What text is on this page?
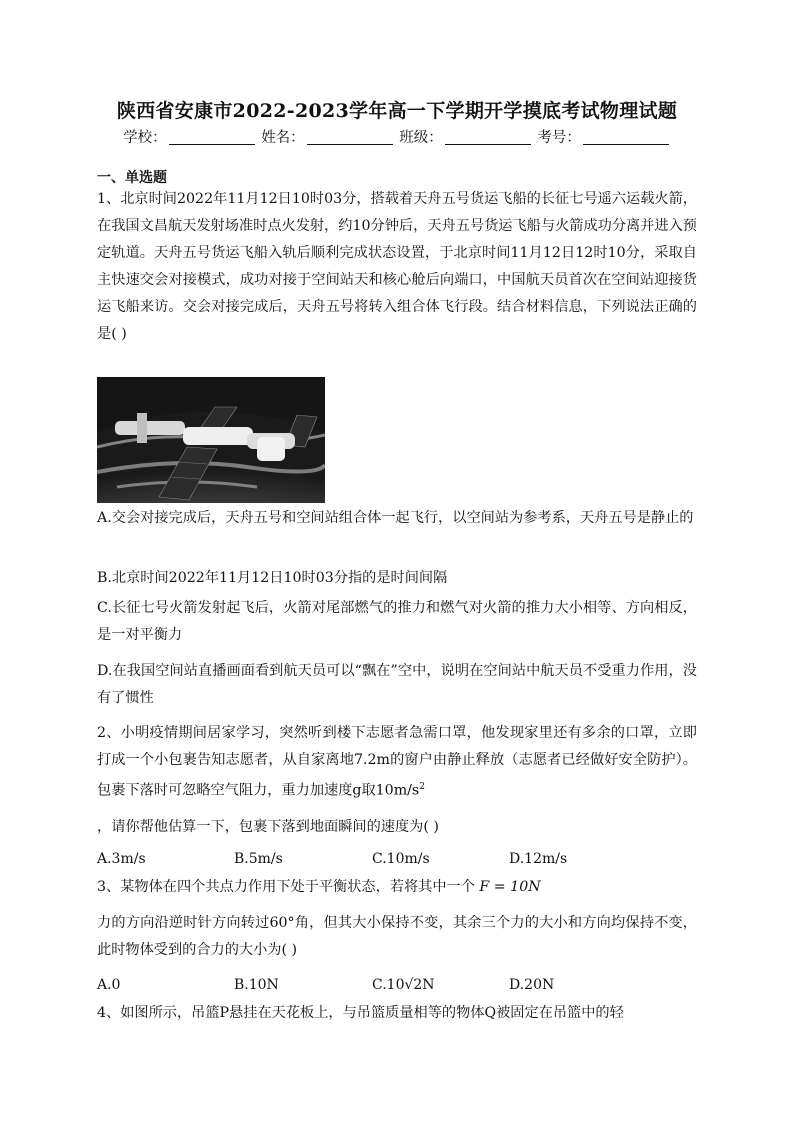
陕西省安康市2022-2023学年高一下学期开学摸底考试物理试题
学校：	姓名：	班级：	考号：
一、单选题
1、北京时间2022年11月12日10时03分，搭载着天舟五号货运飞船的长征七号遥六运载火箭，在我国文昌航天发射场准时点火发射，约10分钟后，天舟五号货运飞船与火箭成功分离并进入预定轨道。天舟五号货运飞船入轨后顺利完成状态设置，于北京时间11月12日12时10分，采取自主快速交会对接模式，成功对接于空间站天和核心舱后向端口，中国航天员首次在空间站迎接货运飞船来访。交会对接完成后，天舟五号将转入组合体飞行段。结合材料信息，下列说法正确的是( )
A.交会对接完成后，天舟五号和空间站组合体一起飞行，以空间站为参考系，天舟五号是静止的
B.北京时间2022年11月12日10时03分指的是时间间隔
C.长征七号火箭发射起飞后，火箭对尾部燃气的推力和燃气对火箭的推力大小相等、方向相反，是一对平衡力
D.在我国空间站直播画面看到航天员可以“飘在”空中，说明在空间站中航天员不受重力作用，没有了惯性
2、小明疫情期间居家学习，突然听到楼下志愿者急需口罩，他发现家里还有多余的口罩，立即打成一个小包裹告知志愿者，从自家离地7.2m的窗户由静止释放（志愿者已经做好安全防护）。包裹下落时可忽略空气阻力，重力加速度g取$10m/s^2$
，请你帮他估算一下，包裹下落到地面瞬间的速度为( )
A.3m/s	B.5m/s	C.10m/s	D.12m/s
3、某物体在四个共点力作用下处于平衡状态，若将其中一个 F = 10N
力的方向沿逆时针方向转过60°角，但其大小保持不变，其余三个力的大小和方向均保持不变，此时物体受到的合力的大小为( )
A.0	B.10N	C.10√2N	D.20N
4、如图所示，吊篮P悬挂在天花板上，与吊篮质量相等的物体Q被固定在吊篮中的轻
